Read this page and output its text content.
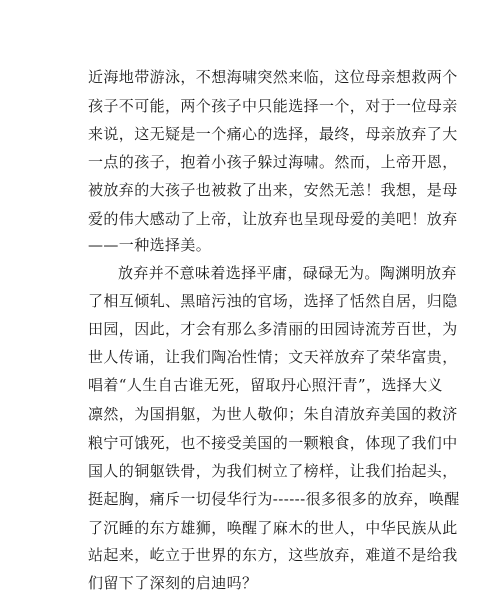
近海地带游泳，不想海啸突然来临，这位母亲想救两个
孩子不可能，两个孩子中只能选择一个，对于一位母亲
来说，这无疑是一个痛心的选择，最终，母亲放弃了大
一点的孩子，抱着小孩子躲过海啸。然而，上帝开恩，
被放弃的大孩子也被救了出来，安然无恙！我想，是母
爱的伟大感动了上帝，让放弃也呈现母爱的美吧！放弃
——一种选择美。
放弃并不意味着选择平庸，碌碌无为。陶渊明放弃
了相互倾轧、黑暗污浊的官场，选择了恬然自居，归隐
田园，因此，才会有那么多清丽的田园诗流芳百世，为
世人传诵，让我们陶冶性情；文天祥放弃了荣华富贵，
唱着“人生自古谁无死，留取丹心照汗青”，选择大义
凛然，为国捐躯，为世人敬仰；朱自清放弃美国的救济
粮宁可饿死，也不接受美国的一颗粮食，体现了我们中
国人的铜躯铁骨，为我们树立了榜样，让我们抬起头，
挺起胸，痛斥一切侵华行为------很多很多的放弃，唤醒
了沉睡的东方雄狮，唤醒了麻木的世人，中华民族从此
站起来，屹立于世界的东方，这些放弃，难道不是给我
们留下了深刻的启迪吗？
